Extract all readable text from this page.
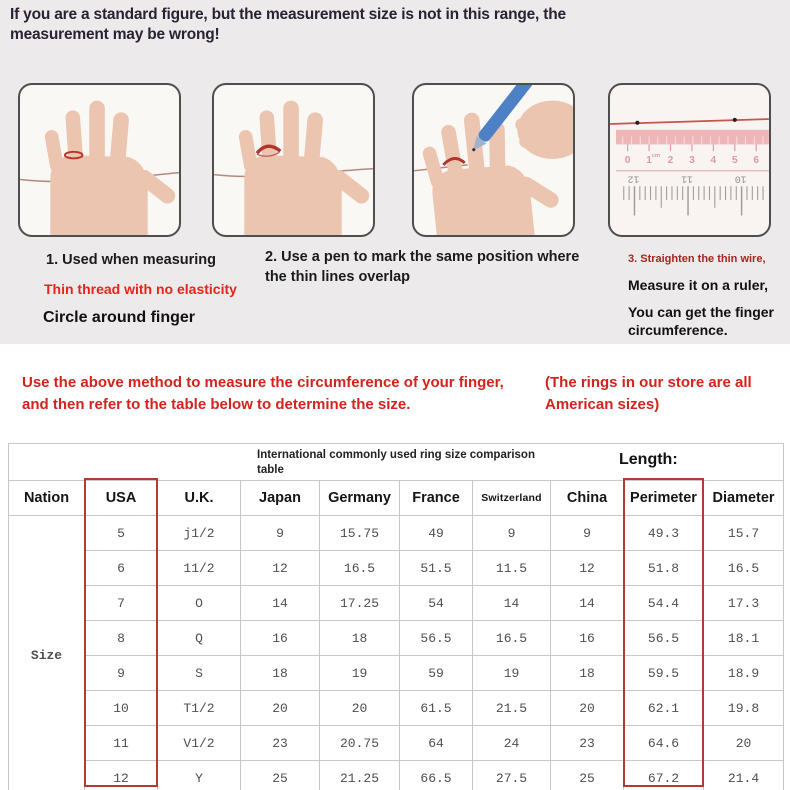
If you are a standard figure, but the measurement size is not in this range, the measurement may be wrong!
0 1 2 3 4 5 6
cm
12	11	10
1. Used when measuring
Thin thread with no elasticity
Circle around finger
2. Use a pen to mark the same position where the thin lines overlap
3. Straighten the thin wire,
Measure it on a ruler,
You can get the finger circumference.
Use the above method to measure the circumference of your finger, and then refer to the table below to determine the size.
(The rings in our store are all American sizes)
International commonly used ring size comparison table
Length:									

Nation	USA	U.K.	Japan	Germany	France	Switzerland	China	Perimeter	Diameter
Size	5	j1/2	9	15.75	49	9	9	49.3	15.7
	6	11/2	12	16.5	51.5	11.5	12	51.8	16.5
	7	O	14	17.25	54	14	14	54.4	17.3
	8	Q	16	18	56.5	16.5	16	56.5	18.1
	9	S	18	19	59	19	18	59.5	18.9
	10	T1/2	20	20	61.5	21.5	20	62.1	19.8
	11	V1/2	23	20.75	64	24	23	64.6	20
	12	Y	25	21.25	66.5	27.5	25	67.2	21.4
